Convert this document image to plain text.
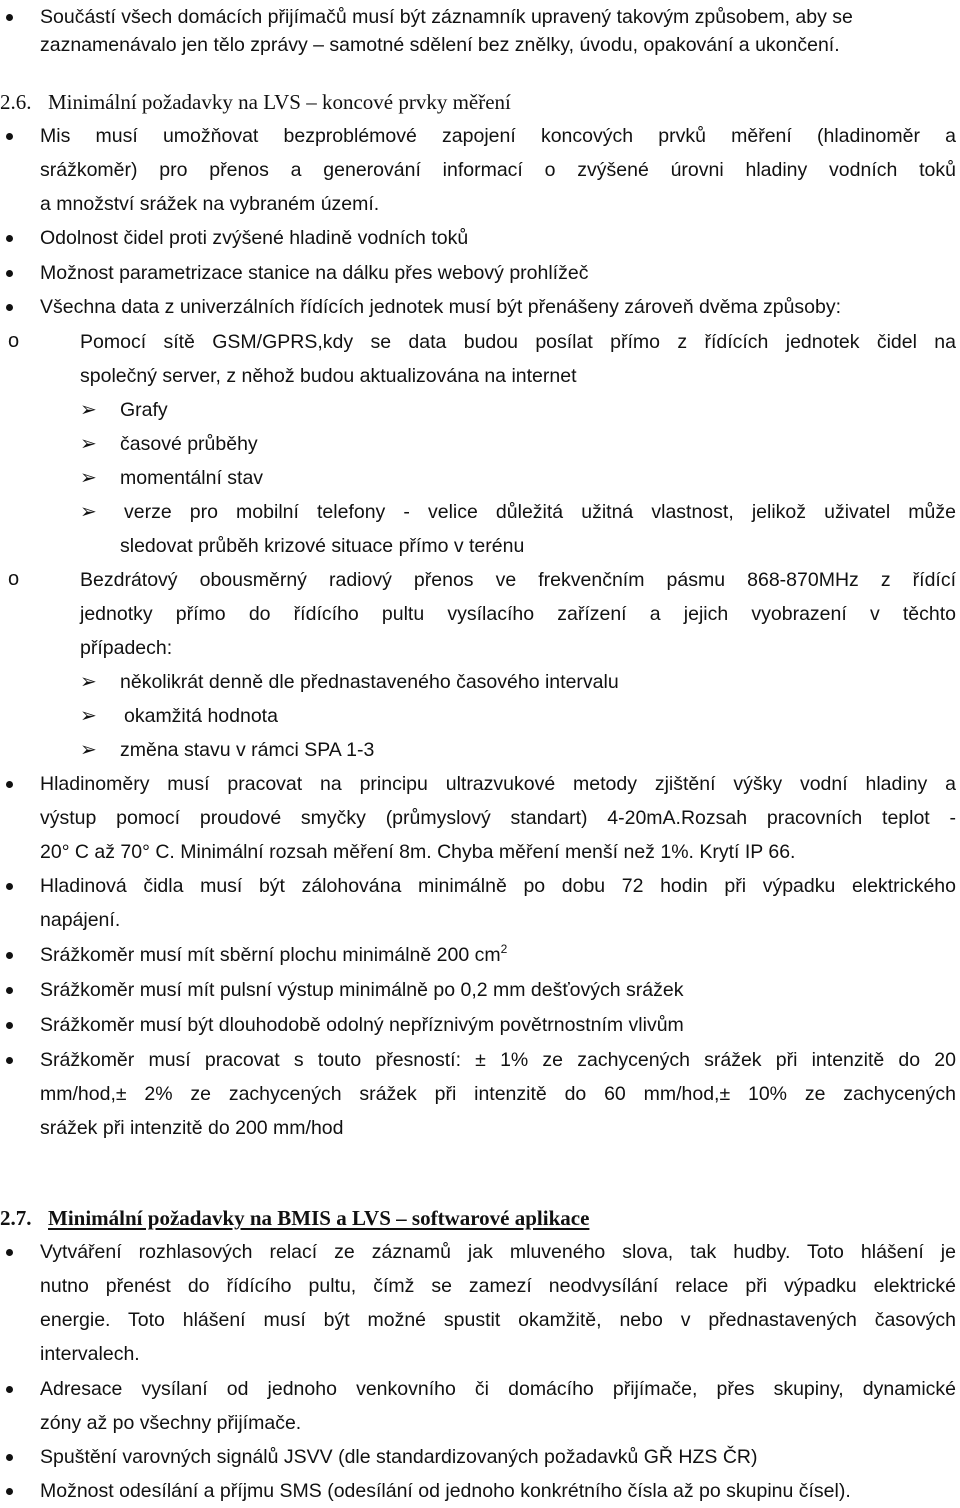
Součástí všech domácích přijímačů musí být záznamník upravený takovým způsobem, aby se
zaznamenávalo jen tělo zprávy – samotné sdělení bez znělky, úvodu, opakování a ukončení.
2.6. Minimální požadavky na LVS – koncové prvky měření
Mis musí umožňovat bezproblémové zapojení koncových prvků měření (hladinoměr a
srážkoměr) pro přenos a generování informací o zvýšené úrovni hladiny vodních toků
a množství srážek na vybraném území.
Odolnost čidel proti zvýšené hladině vodních toků
Možnost parametrizace stanice na dálku přes webový prohlížeč
Všechna data z univerzálních řídících jednotek musí být přenášeny zároveň dvěma způsoby:
o	Pomocí sítě GSM/GPRS,kdy se data budou posílat přímo z řídících jednotek čidel na
společný server, z něhož budou aktualizována na internet
➢ Grafy
➢ časové průběhy
➢ momentální stav
➢ verze pro mobilní telefony - velice důležitá užitná vlastnost, jelikož uživatel může
sledovat průběh krizové situace přímo v terénu
o	Bezdrátový obousměrný radiový přenos ve frekvenčním pásmu 868-870MHz z řídící
jednotky přímo do řídícího pultu vysílacího zařízení a jejich vyobrazení v těchto
případech:
➢ několikrát denně dle přednastaveného časového intervalu
➢ okamžitá hodnota
➢ změna stavu v rámci SPA 1-3
Hladinoměry musí pracovat na principu ultrazvukové metody zjištění výšky vodní hladiny a
výstup pomocí proudové smyčky (průmyslový standart) 4-20mA.Rozsah pracovních teplot -
20° C až 70° C. Minimální rozsah měření 8m. Chyba měření menší než 1%. Krytí IP 66.
Hladinová čidla musí být zálohována minimálně po dobu 72 hodin při výpadku elektrického
napájení.
Srážkoměr musí mít sběrní plochu minimálně 200 $cm^2$
Srážkoměr musí mít pulsní výstup minimálně po 0,2 mm dešťových srážek
Srážkoměr musí být dlouhodobě odolný nepříznivým povětrnostním vlivům
Srážkoměr musí pracovat s touto přesností: ± 1% ze zachycených srážek při intenzitě do 20
mm/hod,± 2% ze zachycených srážek při intenzitě do 60 mm/hod,± 10% ze zachycených
srážek při intenzitě do 200 mm/hod
2.7. Minimální požadavky na BMIS a LVS – softwarové aplikace
Vytváření rozhlasových relací ze záznamů jak mluveného slova, tak hudby. Toto hlášení je
nutno přenést do řídícího pultu, čímž se zamezí neodvysílání relace při výpadku elektrické
energie. Toto hlášení musí být možné spustit okamžitě, nebo v přednastavených časových
intervalech.
Adresace vysílaní od jednoho venkovního či domácího přijímače, přes skupiny, dynamické
zóny až po všechny přijímače.
Spuštění varovných signálů JSVV (dle standardizovaných požadavků GŘ HZS ČR)
Možnost odesílání a příjmu SMS (odesílání od jednoho konkrétního čísla až po skupinu čísel).
